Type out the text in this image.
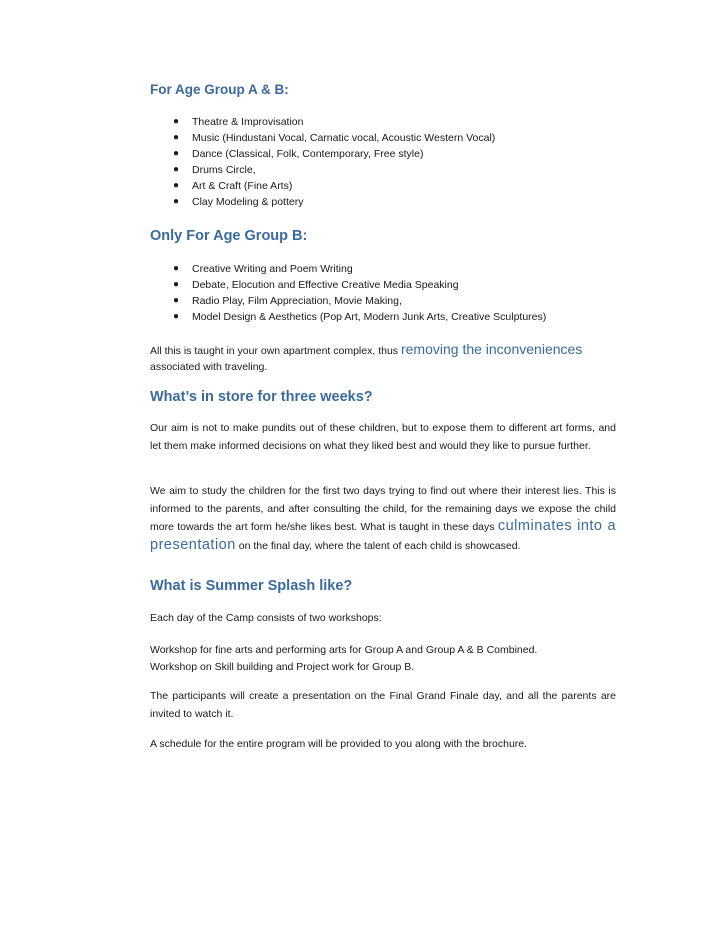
For Age Group A & B:
● Theatre & Improvisation
● Music (Hindustani Vocal, Carnatic vocal, Acoustic Western Vocal)
● Dance (Classical, Folk, Contemporary, Free style)
● Drums Circle,
● Art & Craft (Fine Arts)
● Clay Modeling & pottery
Only For Age Group B:
● Creative Writing and Poem Writing
● Debate, Elocution and Effective Creative Media Speaking
● Radio Play, Film Appreciation, Movie Making,
● Model Design & Aesthetics (Pop Art, Modern Junk Arts, Creative Sculptures)

All this is taught in your own apartment complex, thus removing the inconveniences

associated with traveling.

What’s in store for three weeks?

Our aim is not to make pundits out of these children, but to expose them to different art forms, and let them make informed decisions on what they liked best and would they like to pursue further.

We aim to study the children for the first two days trying to find out where their interest lies. This is informed to the parents, and after consulting the child, for the remaining days we expose the child more towards the art form he/she likes best. What is taught in these days culminates into a presentation on the final day, where the talent of each child is showcased.

What is Summer Splash like?

Each day of the Camp consists of two workshops:

Workshop for fine arts and performing arts for Group A and Group A & B Combined.

Workshop on Skill building and Project work for Group B.

The participants will create a presentation on the Final Grand Finale day, and all the parents are invited to watch it.

A schedule for the entire program will be provided to you along with the brochure.
